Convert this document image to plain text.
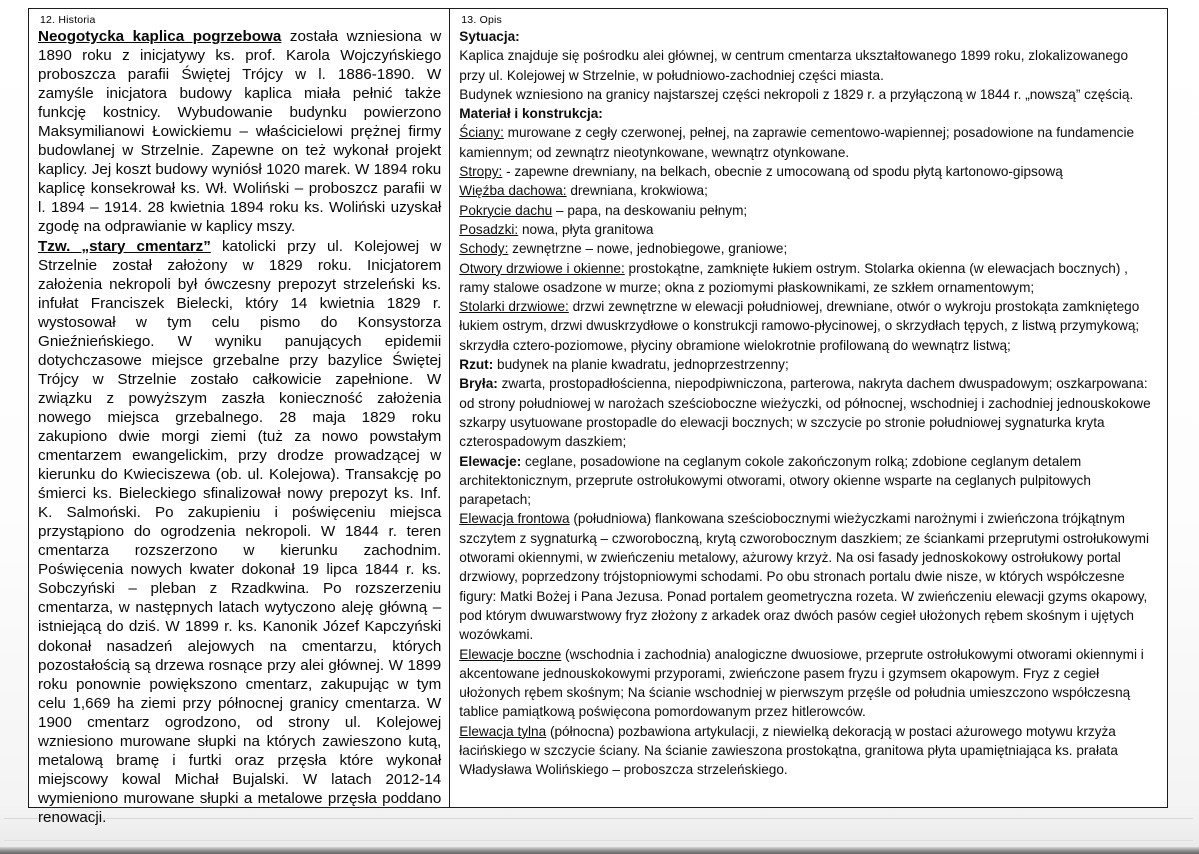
12. Historia

Neogotycka kaplica pogrzebowa została wzniesiona w 1890 roku z inicjatywy ks. prof. Karola Wojczyńskiego proboszcza parafii Świętej Trójcy w l. 1886-1890. W zamyśle inicjatora budowy kaplica miała pełnić także funkcję kostnicy. Wybudowanie budynku powierzono Maksymilianowi Łowickiemu – właścicielowi prężnej firmy budowlanej w Strzelnie. Zapewne on też wykonał projekt kaplicy. Jej koszt budowy wyniósł 1020 marek. W 1894 roku kaplicę konsekrował ks. Wł. Woliński – proboszcz parafii w l. 1894 – 1914. 28 kwietnia 1894 roku ks. Woliński uzyskał zgodę na odprawianie w kaplicy mszy.

Tzw. „stary cmentarz” katolicki przy ul. Kolejowej w Strzelnie został założony w 1829 roku. Inicjatorem założenia nekropoli był ówczesny prepozyt strzeleński ks. infułat Franciszek Bielecki, który 14 kwietnia 1829 r. wystosował w tym celu pismo do Konsystorza Gnieźnieńskiego. W wyniku panujących epidemii dotychczasowe miejsce grzebalne przy bazylice Świętej Trójcy w Strzelnie zostało całkowicie zapełnione. W związku z powyższym zaszła konieczność założenia nowego miejsca grzebalnego. 28 maja 1829 roku zakupiono dwie morgi ziemi (tuż za nowo powstałym cmentarzem ewangelickim, przy drodze prowadzącej w kierunku do Kwieciszewa (ob. ul. Kolejowa). Transakcję po śmierci ks. Bieleckiego sfinalizował nowy prepozyt ks. Inf. K. Salmoński. Po zakupieniu i poświęceniu miejsca przystąpiono do ogrodzenia nekropoli. W 1844 r. teren cmentarza rozszerzono w kierunku zachodnim. Poświęcenia nowych kwater dokonał 19 lipca 1844 r. ks. Sobczyński – pleban z Rzadkwina. Po rozszerzeniu cmentarza, w następnych latach wytyczono aleję główną – istniejącą do dziś. W 1899 r. ks. Kanonik Józef Kapczyński dokonał nasadzeń alejowych na cmentarzu, których pozostałością są drzewa rosnące przy alei głównej. W 1899 roku ponownie powiększono cmentarz, zakupując w tym celu 1,669 ha ziemi przy północnej granicy cmentarza. W 1900 cmentarz ogrodzono, od strony ul. Kolejowej wzniesiono murowane słupki na których zawieszono kutą, metalową bramę i furtki oraz przęsła które wykonał miejscowy kowal Michał Bujalski. W latach 2012-14 wymieniono murowane słupki a metalowe przęsła poddano renowacji.

13. Opis

Sytuacja:

Kaplica znajduje się pośrodku alei głównej, w centrum cmentarza ukształtowanego 1899 roku, zlokalizowanego przy ul. Kolejowej w Strzelnie, w południowo-zachodniej części miasta.

Budynek wzniesiono na granicy najstarszej części nekropoli z 1829 r. a przyłączoną w 1844 r. „nowszą” częścią.

Materiał i konstrukcja:

Ściany: murowane z cegły czerwonej, pełnej, na zaprawie cementowo-wapiennej; posadowione na fundamencie kamiennym; od zewnątrz nieotynkowane, wewnątrz otynkowane.

Stropy: - zapewne drewniany, na belkach, obecnie z umocowaną od spodu płytą kartonowo-gipsową

Więźba dachowa: drewniana, krokwiowa;

Pokrycie dachu – papa, na deskowaniu pełnym;

Posadzki: nowa, płyta granitowa

Schody: zewnętrzne – nowe, jednobiegowe, graniowe;

Otwory drzwiowe i okienne: prostokątne, zamknięte łukiem ostrym. Stolarka okienna (w elewacjach bocznych) , ramy stalowe osadzone w murze; okna z poziomymi płaskownikami, ze szkłem ornamentowym;

Stolarki drzwiowe: drzwi zewnętrzne w elewacji południowej, drewniane, otwór o wykroju prostokąta zamkniętego łukiem ostrym, drzwi dwuskrzydłowe o konstrukcji ramowo-płycinowej, o skrzydłach tępych, z listwą przymykową; skrzydła cztero-poziomowe, płyciny obramione wielokrotnie profilowaną do wewnątrz listwą;

Rzut: budynek na planie kwadratu, jednoprzestrzenny;

Bryła: zwarta, prostopadłościenna, niepodpiwniczona, parterowa, nakryta dachem dwuspadowym; oszkarpowana: od strony południowej w narożach sześcioboczne wieżyczki, od północnej, wschodniej i zachodniej jednouskokowe szkarpy usytuowane prostopadle do elewacji bocznych; w szczycie po stronie południowej sygnaturka kryta czterospadowym daszkiem;

Elewacje: ceglane, posadowione na ceglanym cokole zakończonym rolką; zdobione ceglanym detalem architektonicznym, przeprute ostrołukowymi otworami, otwory okienne wsparte na ceglanych pulpitowych parapetach;

Elewacja frontowa (południowa) flankowana sześciobocznymi wieżyczkami narożnymi i zwieńczona trójkątnym szczytem z sygnaturką – czworoboczną, krytą czworobocznym daszkiem; ze ściankami przeprutymi ostrołukowymi otworami okiennymi, w zwieńczeniu metalowy, ażurowy krzyż. Na osi fasady jednoskokowy ostrołukowy portal drzwiowy, poprzedzony trójstopniowymi schodami. Po obu stronach portalu dwie nisze, w których współczesne figury: Matki Bożej i Pana Jezusa. Ponad portalem geometryczna rozeta. W zwieńczeniu elewacji gzyms okapowy, pod którym dwuwarstwowy fryz złożony z arkadek oraz dwóch pasów cegieł ułożonych rębem skośnym i ujętych wozówkami.

Elewacje boczne (wschodnia i zachodnia) analogiczne dwuosiowe, przeprute ostrołukowymi otworami okiennymi i akcentowane jednouskokowymi przyporami, zwieńczone pasem fryzu i gzymsem okapowym. Fryz z cegieł ułożonych rębem skośnym; Na ścianie wschodniej w pierwszym przęśle od południa umieszczono współczesną tablice pamiątkową poświęcona pomordowanym przez hitlerowców.

Elewacja tylna (północna) pozbawiona artykulacji, z niewielką dekoracją w postaci ażurowego motywu krzyża łacińskiego w szczycie ściany. Na ścianie zawieszona prostokątna, granitowa płyta upamiętniająca ks. prałata Władysława Wolińskiego – proboszcza strzeleńskiego.
